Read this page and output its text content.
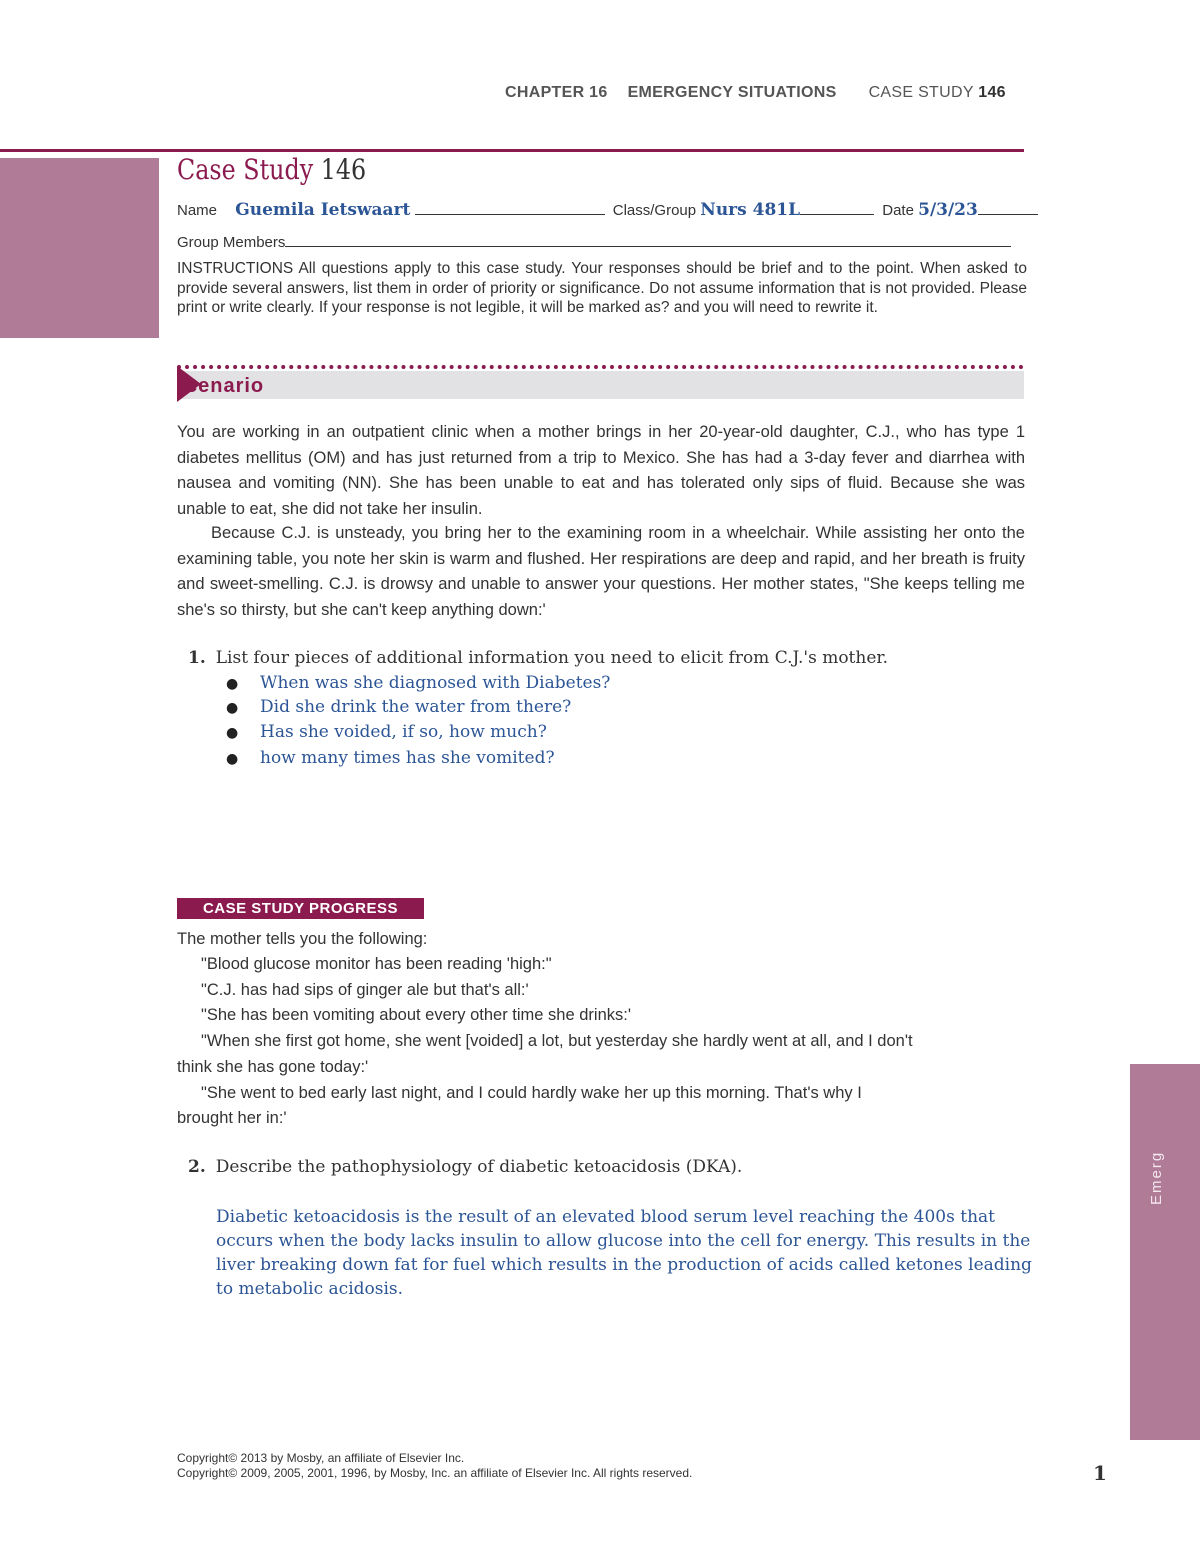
CHAPTER 16 EMERGENCY SITUATIONS CASE STUDY 146
Emerg
Case Study 146
Name Guemila Ietswaart	Class/Group Nurs 481L	Date 5/3/23
Group Members
INSTRUCTIONS All questions apply to this case study. Your responses should be brief and to the point. When asked to provide several answers, list them in order of priority or significance. Do not assume information that is not provided. Please print or write clearly. If your response is not legible, it will be marked as? and you will need to rewrite it.
cenario
You are working in an outpatient clinic when a mother brings in her 20-year-old daughter, C.J., who has type 1 diabetes mellitus (OM) and has just returned from a trip to Mexico. She has had a 3-day fever and diarrhea with nausea and vomiting (NN). She has been unable to eat and has tolerated only sips of fluid. Because she was unable to eat, she did not take her insulin.
Because C.J. is unsteady, you bring her to the examining room in a wheelchair. While assisting her onto the examining table, you note her skin is warm and flushed. Her respirations are deep and rapid, and her breath is fruity and sweet-smelling. C.J. is drowsy and unable to answer your questions. Her mother states, "She keeps telling me she's so thirsty, but she can't keep anything down:'
1. List four pieces of additional information you need to elicit from C.J.'s mother.
● When was she diagnosed with Diabetes?
● Did she drink the water from there?
● Has she voided, if so, how much?
● how many times has she vomited?
CASE STUDY PROGRESS
The mother tells you the following:
"Blood glucose monitor has been reading 'high:"
"C.J. has had sips of ginger ale but that's all:'
"She has been vomiting about every other time she drinks:'
"When she first got home, she went [voided] a lot, but yesterday she hardly went at all, and I don't
think she has gone today:'
"She went to bed early last night, and I could hardly wake her up this morning. That's why I
brought her in:'
2. Describe the pathophysiology of diabetic ketoacidosis (DKA).
Diabetic ketoacidosis is the result of an elevated blood serum level reaching the 400s that occurs when the body lacks insulin to allow glucose into the cell for energy. This results in the liver breaking down fat for fuel which results in the production of acids called ketones leading to metabolic acidosis.
Copyright© 2013 by Mosby, an affiliate of Elsevier Inc.
Copyright© 2009, 2005, 2001, 1996, by Mosby, Inc. an affiliate of Elsevier Inc. All rights reserved.	1
